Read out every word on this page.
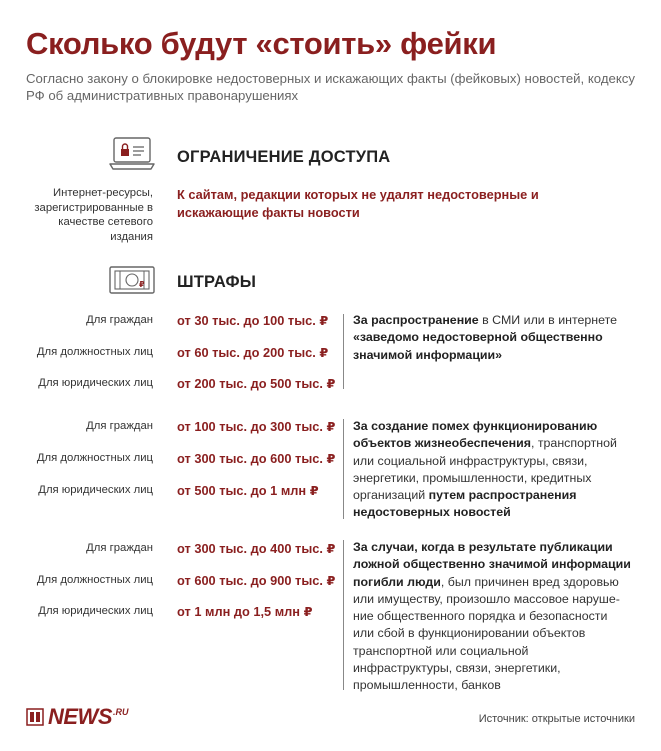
Сколько будут «стоить» фейки
Согласно закону о блокировке недостоверных и искажающих факты (фейковых) новостей, кодексу РФ об административных правонарушениях
ОГРАНИЧЕНИЕ ДОСТУПА
Интернет-ресурсы, зарегистрированные в качестве сетевого издания
К сайтам, редакции которых не удалят недостоверные и искажающие факты новости
₽ ШТРАФЫ
Для граждан от 30 тыс. до 100 тыс. ₽
Для должностных лиц от 60 тыс. до 200 тыс. ₽
Для юридических лиц от 200 тыс. до 500 тыс. ₽
За распространение в СМИ или в интернете «заведомо недостоверной общественно значимой информации»
Для граждан от 100 тыс. до 300 тыс. ₽
Для должностных лиц от 300 тыс. до 600 тыс. ₽
Для юридических лиц от 500 тыс. до 1 млн ₽
За создание помех функционированию объектов жизнеобеспечения, транспортной или социальной инфраструктуры, связи, энергетики, промышленности, кредитных организаций путем распространения недостоверных новостей
Для граждан от 300 тыс. до 400 тыс. ₽
Для должностных лиц от 600 тыс. до 900 тыс. ₽
Для юридических лиц от 1 млн до 1,5 млн ₽
За случаи, когда в результате публикации ложной общественно значимой информации погибли люди, был причинен вред здоровью или имуществу, произошло массовое наруше-ние общественного порядка и безопасности или сбой в функционировании объектов транспортной или социальной инфраструктуры, связи, энергетики, промышленности, банков
NEWS .RU
Источник: открытые источники
